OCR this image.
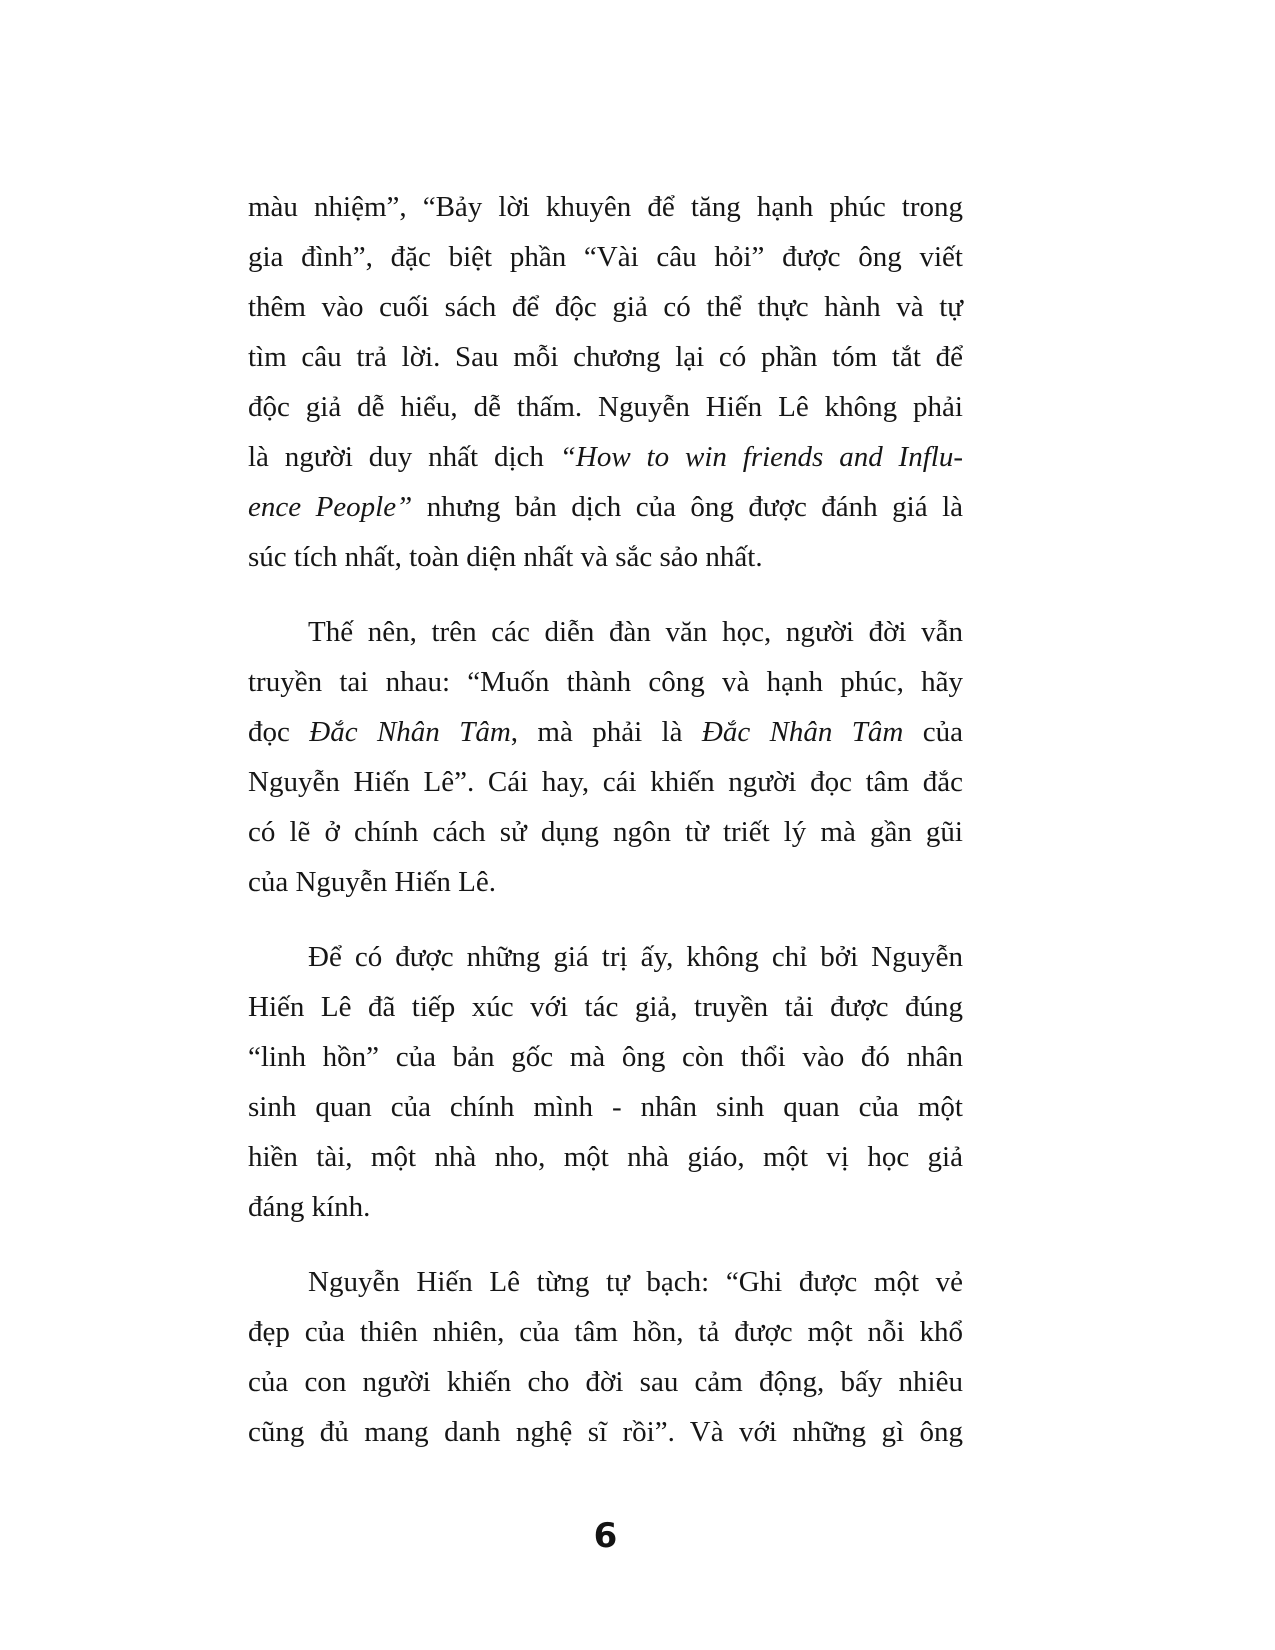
màu nhiệm”, “Bảy lời khuyên để tăng hạnh phúc trong
gia đình”, đặc biệt phần “Vài câu hỏi” được ông viết
thêm vào cuối sách để độc giả có thể thực hành và tự
tìm câu trả lời. Sau mỗi chương lại có phần tóm tắt để
độc giả dễ hiểu, dễ thấm. Nguyễn Hiến Lê không phải
là người duy nhất dịch “How to win friends and Influ-
ence People” nhưng bản dịch của ông được đánh giá là
súc tích nhất, toàn diện nhất và sắc sảo nhất.
Thế nên, trên các diễn đàn văn học, người đời vẫn
truyền tai nhau: “Muốn thành công và hạnh phúc, hãy
đọc Đắc Nhân Tâm, mà phải là Đắc Nhân Tâm của
Nguyễn Hiến Lê”. Cái hay, cái khiến người đọc tâm đắc
có lẽ ở chính cách sử dụng ngôn từ triết lý mà gần gũi
của Nguyễn Hiến Lê.
Để có được những giá trị ấy, không chỉ bởi Nguyễn
Hiến Lê đã tiếp xúc với tác giả, truyền tải được đúng
“linh hồn” của bản gốc mà ông còn thổi vào đó nhân
sinh quan của chính mình - nhân sinh quan của một
hiền tài, một nhà nho, một nhà giáo, một vị học giả
đáng kính.
Nguyễn Hiến Lê từng tự bạch: “Ghi được một vẻ
đẹp của thiên nhiên, của tâm hồn, tả được một nỗi khổ
của con người khiến cho đời sau cảm động, bấy nhiêu
cũng đủ mang danh nghệ sĩ rồi”. Và với những gì ông
6
